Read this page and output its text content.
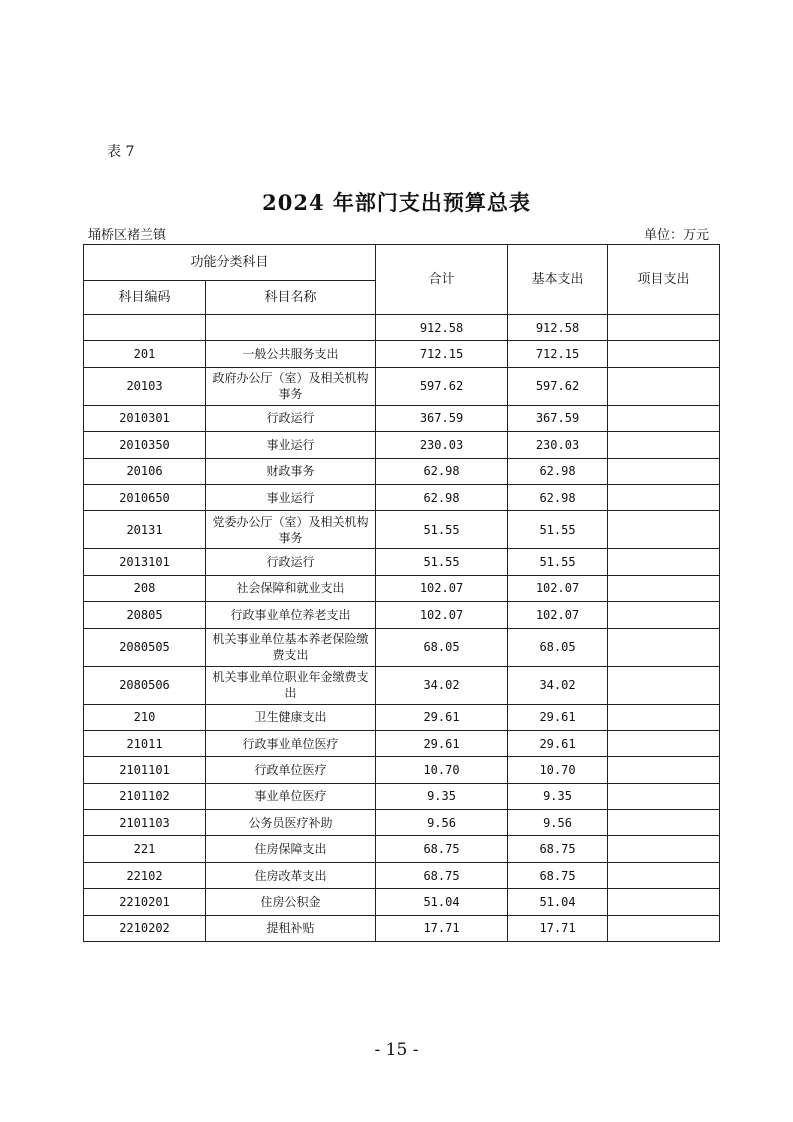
表 7
2024 年部门支出预算总表
埇桥区褚兰镇	单位：万元
功能分类科目		合计	基本支出	项目支出
科目编码	科目名称			
		912.58	912.58	
201	一般公共服务支出	712.15	712.15	
20103	政府办公厅（室）及相关机构事务	597.62	597.62	
2010301	行政运行	367.59	367.59	
2010350	事业运行	230.03	230.03	
20106	财政事务	62.98	62.98	
2010650	事业运行	62.98	62.98	
20131	党委办公厅（室）及相关机构事务	51.55	51.55	
2013101	行政运行	51.55	51.55	
208	社会保障和就业支出	102.07	102.07	
20805	行政事业单位养老支出	102.07	102.07	
2080505	机关事业单位基本养老保险缴费支出	68.05	68.05	
2080506	机关事业单位职业年金缴费支出	34.02	34.02	
210	卫生健康支出	29.61	29.61	
21011	行政事业单位医疗	29.61	29.61	
2101101	行政单位医疗	10.70	10.70	
2101102	事业单位医疗	9.35	9.35	
2101103	公务员医疗补助	9.56	9.56	
221	住房保障支出	68.75	68.75	
22102	住房改革支出	68.75	68.75	
2210201	住房公积金	51.04	51.04	
2210202	提租补贴	17.71	17.71	
- 15 -
